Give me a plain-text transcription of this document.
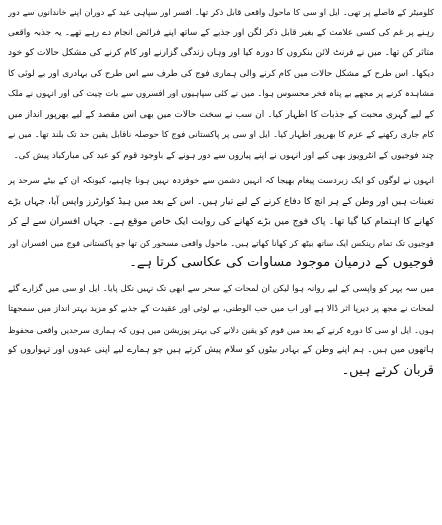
کلومیٹر کے فاصلے پر تھی۔ ایل او سی کا ماحول واقعی قابل ذکر تھا۔ افسر اور سپاہی عید کے دوران اپنے خاندانوں سے دور
رہنے پر غم کی کسی علامت کے بغیر قابل ذکر لگن اور جذبے کے ساتھ اپنے فرائض انجام دے رہے تھے۔ یہ جذبہ واقعی
متاثر کن تھا۔ میں نے فرنٹ لائن بنکروں کا دورہ کیا اور وہاں زندگی گزارنے اور کام کرنے کی مشکل حالات کو خود
دیکھا۔ اس طرح کے مشکل حالات میں کام کرنے والی ہماری فوج کی طرف سے اس طرح کی بہادری اور بے لوثی کا
مشاہدہ کرنے پر مجھے بے پناہ فخر محسوس ہوا۔ میں نے کئی سپاہیوں اور افسروں سے بات چیت کی اور انہوں نے ملک
کے لیے گہری محبت کے جذبات کا اظہار کیا۔ ان سب نے سخت حالات میں بھی اس مقصد کے لیے بھرپور انداز میں
کام جاری رکھنے کے عزم کا بھرپور اظہار کیا۔ ایل او سی پر پاکستانی فوج کا حوصلہ ناقابل یقین حد تک بلند تھا۔ میں نے
چند فوجیوں کے انٹرویوز بھی کیے اور انہوں نے اپنے پیاروں سے دور ہونے کے باوجود قوم کو عید کی مبارکباد پیش کی۔
انہوں نے لوگوں کو ایک زبردست پیغام بھیجا کہ انہیں دشمن سے خوفزدہ نہیں ہونا چاہیے، کیونکہ ان کے بیٹے سرحد پر
تعینات ہیں اور وطن کے ہر انچ کا دفاع کرنے کے لیے تیار ہیں۔ اس کے بعد میں ہیڈ کوارٹرز واپس آیا، جہاں بڑے
کھانے کا اہتمام کیا گیا تھا۔ پاک فوج میں بڑے کھانے کی روایت ایک خاص موقع ہے۔ جہاں افسران سے لے کر
فوجیوں تک تمام رینکس ایک ساتھ بیٹھ کر کھانا کھاتے ہیں۔ ماحول واقعی مسحور کن تھا جو پاکستانی فوج میں افسران اور
فوجیوں کے درمیان موجود مساوات کی عکاسی کرتا ہے۔
میں سہ پہر کو واپسی کے لیے روانہ ہوا لیکن ان لمحات کے سحر سے ابھی تک نہیں نکل پایا۔ ایل او سی میں گزارے گئے
لمحات نے مجھ پر دیرپا اثر ڈالا ہے اور اب میں حب الوطنی، بے لوثی اور عقیدت کے جذبے کو مزید بہتر انداز میں سمجھتا
ہوں۔ ایل او سی کا دورہ کرنے کے بعد میں قوم کو یقین دلانے کی بہتر پوزیشن میں ہوں کہ ہماری سرحدیں واقعی محفوظ
ہاتھوں میں ہیں۔ ہم اپنے وطن کے بہادر بیٹوں کو سلام پیش کرتے ہیں جو ہمارے لیے اپنی عیدوں اور تہواروں کو
قربان کرتے ہیں۔
